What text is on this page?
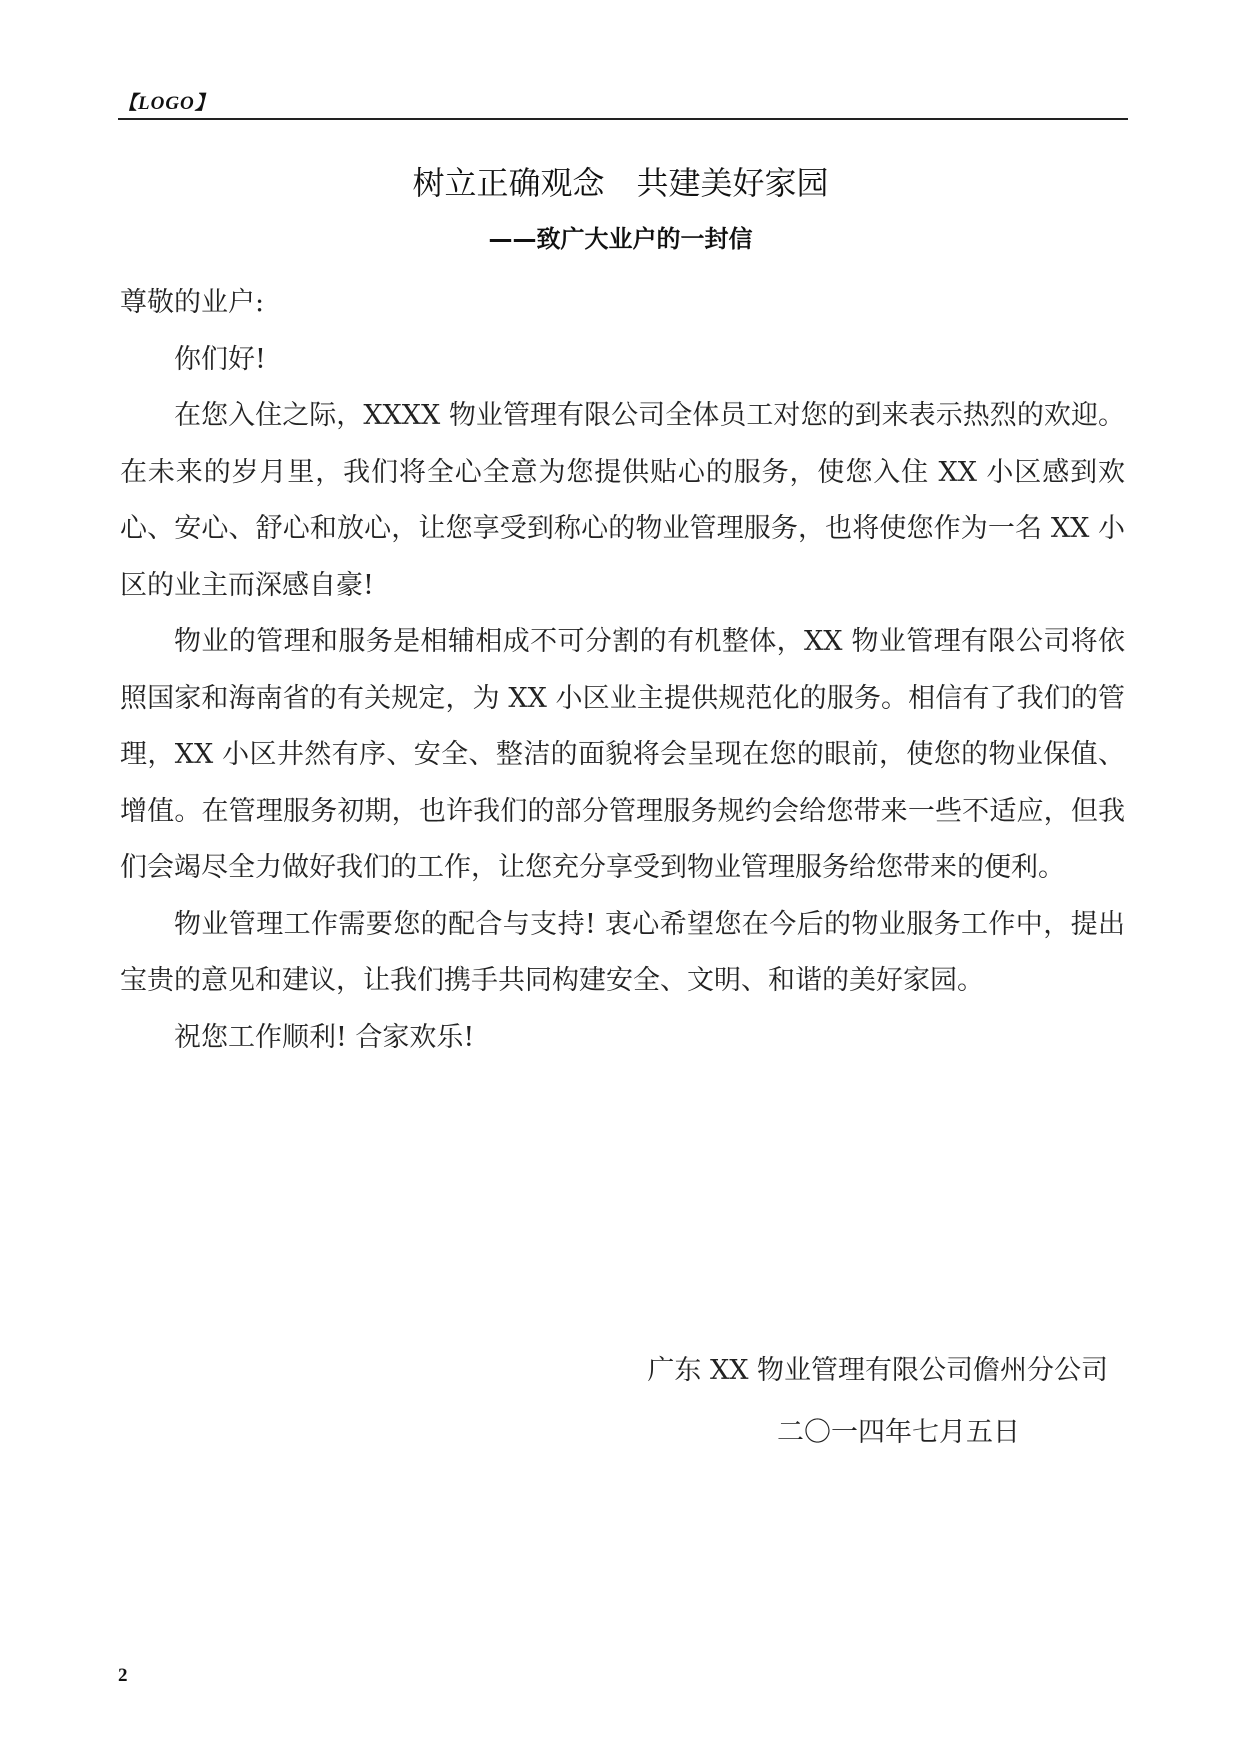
【LOGO】
树立正确观念　共建美好家园
——致广大业户的一封信

尊敬的业户:

你们好!

在您入住之际，XXXX 物业管理有限公司全体员工对您的到来表示热烈的欢迎。在未来的岁月里，我们将全心全意为您提供贴心的服务，使您入住 XX 小区感到欢心、安心、舒心和放心，让您享受到称心的物业管理服务，也将使您作为一名 XX 小区的业主而深感自豪!

物业的管理和服务是相辅相成不可分割的有机整体，XX 物业管理有限公司将依照国家和海南省的有关规定，为 XX 小区业主提供规范化的服务。相信有了我们的管理，XX 小区井然有序、安全、整洁的面貌将会呈现在您的眼前，使您的物业保值、增值。在管理服务初期，也许我们的部分管理服务规约会给您带来一些不适应，但我们会竭尽全力做好我们的工作，让您充分享受到物业管理服务给您带来的便利。

物业管理工作需要您的配合与支持! 衷心希望您在今后的物业服务工作中，提出宝贵的意见和建议，让我们携手共同构建安全、文明、和谐的美好家园。

祝您工作顺利! 合家欢乐!

广东 XX 物业管理有限公司儋州分公司
二〇一四年七月五日
2
